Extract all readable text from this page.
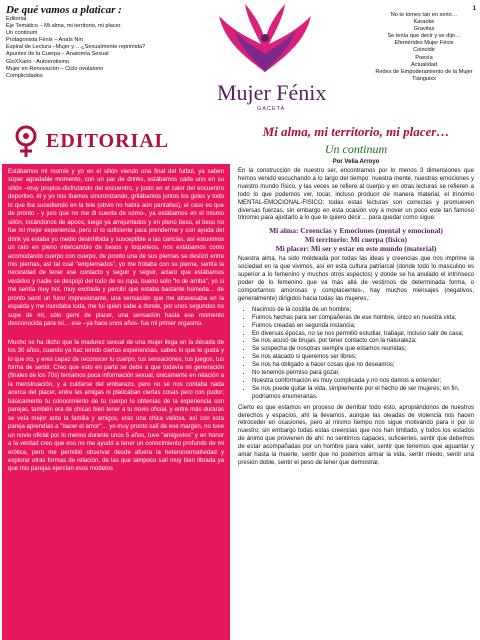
De qué vamos a platicar :
Editorial.
Eje Temático – Mi alma, mi territorio, mi placer.
Un continum
Protagonista Fénix – Anaïs Nin
Espiral de Lectura –Mujer y….¿Sexualmente reprimida?
Apuntes de la Cuerpa – Anatomía Sexual
GloXXario - Autoerotismo
Mujer en Renovación – Ciclo ovulatorio
Complicidades
Mujer Fénix
GACETA
1
No te tomes tan en serio…
Karaoke
Gravitas
Se tenía que decir y se dijo…
Efemérides Mujer Fénix
Coincidir
Poesía
Actualidad
Redes de Empoderamiento de la Mujer
Tianguixx
EDITORIAL

Estábamos mi roomie y yo en el sillón viendo una final del futbol, ya saben súper agradable momento, con un par de drinks, estábamos cada uno en su sillón –muy propios-disfrutando del encuentro, y justo en el calor del encuentro deportivo, él y yo nos íbamos sincronizando, gritábamos juntos los goles y todo lo que iba sucediendo en la tele (obvio no había aún pantallas), el caso es que de pronto - y juro que no me di cuenta de cómo-, ya estábamos en el mismo sillón, tocándonos de apoco, luego ya arrejuntados y en pleno beso, el beso no fue mi mejor experiencia, pero sí lo suficiente para prenderme y con ayuda del drink ya estaba yo medio desinhibida y susceptible a las caricias, así estuvimos un rato en pleno intercambio de besos y toqueteos, nos estábamos como acomodando cuerpo con cuerpo, de pronto una de sus piernas se deslizó entre mis piernas, así tal cual "empiernados", yo me frotaba con su pierna, sentía la necesidad de tener ese contacto y seguir y seguir, aclaro que estábamos vestidos y nadie se despojó del todo de su ropa, bueno solo "lo de arriba", yo si me sentía muy hot, muy excitada y percibí que estaba bastante húmeda… de pronto sentí un furor impresionante, una sensación que me atravesaba en la espalda y me inundaba toda, me fui quien sabe a donde, por unos segundos no supe de mí, sólo gemí de placer, una sensación hasta ese momento desconocida para mi… ese –ya hace unos años- fue mi primer orgasmo.

Mucho se ha dicho que la madurez sexual de una mujer llega en la década de los 30 años, cuando ya haz tenido ciertas experiencias, sabes lo que te gusta y lo que no, y eres capaz de reconocer tu cuerpo, tus sensaciones, tus juegos, tus forma de sentir. Creo que esto en parte se debe a que todavía mi generación (finales de los 70s) teníamos poca información sexual, únicamente en relación a la menstruación, y a cuidarse del embarazo, pero no se nos contaba nada acerca del placer, entre las amigas ni platicaban ciertas cosas pero con pudor; básicamente tu conocimiento de tu cuerpo lo obtenías de la experiencia con parejas, también era de chicas bien tener a tu novio oficial, y entre más duraras se veía mejor ante la familia y amigos, eras una chica valiosa, así con esta pareja aprendías a "hacer el amor"… yo muy pronto salí de ese margen, no tuve un novio oficial por lo menos durante unos 5 años, tuve "amigovios" y en honor a la verdad creo que eso no me ayudó a tener un conocimiento profundo de mi erótica, pero me permitió observar desde afuera la heteronormatividad y explorar otras formas de relación, de las que tampoco salí muy bien librada ya que mis parejas ejercían esos modelos

Mi alma, mi territorio, mi placer…
Un continum
Por Velia Arroyo

En la construcción de nuestro ser, encontramos por lo menos 3 dimensiones que hemos venido escuchando a lo largo del tiempo: nuestra mente, nuestras emociones y nuestro mundo físico, y las veces se refiere al cuerpo y en otras lecturas se refieren a todo lo que podemos ver, tocar, incluso producir de manera material, el trinomio MENTAL-EMOCIONAL-FISICO; todas estas lecturas son correctas y promueven diversas fuerzas, sin embargo en esta ocasión voy a mover un poco este tan famoso trinomio para ajustarlo a lo que te quiero decir… para quedar como sigue:

Mi alma: Creencias y Emociones (mental y emocional)
Mi territorio: Mi cuerpa (físico)
Mi placer: Mi ser y estar en este mundo (material)

Nuestra alma, ha sido moldeada por todas las ideas y creencias que nos imprime la sociedad en la que vivimos, así en esta cultura patriarcal (donde todo lo masculino es superior a lo femenino y muchos otros aspectos) y donde se ha anulado el intrínseco poder de lo femenino que va más allá de vestirnos de determinada forma, o comportarnos amorosas y complacientes-, hay muchos mensajes (negativos, generalmente) dirigidos hacia todas las mujeres,:

• Nacimos de la costilla de un hombre;
• Fuimos hechas para ser compañeras de ese hombre, único en nuestra vida;
• Fuimos creadas en segunda instancia;
• En diversas épocas, no se nos permitió estudiar, trabajar, incluso salir de casa;
• Se nos acusó de brujas, por tener contacto con la naturaleza;
• Se sospecha de nosotras siempre que estamos reunidas;
• Se nos atacado si queremos ser libres;
• Se nos ha obligado a hacer cosas que no deseamos;
• No tenemos permiso para gozar,
• Nuestra conformación es muy complicada y no nos damos a entender;
• Se nos puede quitar la vida, simplemente por el hecho de ser mujeres; en fin, podríamos enumerarlas.

Cierto es que estamos en proceso de derribar todo esto, apropiándonos de nuestros derechos y espacios, ahí la llevamos, aunque las oleadas de violencia nos hacen retroceder en ocasiones, pero al mismo tiempo nos sigue motivando para ir por lo nuestro; sin embargo todas estas creencias que nos han limitado, y todos los estados de ánimo que provienen de ahí: no sentirnos capaces, suficientes, sentir que debemos de estar acompañadas por un hombre para valer, sentir que tenemos que aguantar y amar hasta la muerte, sentir que no podemos armar la vida, sentir miedo, sentir una presión doble, sentir el peso de tener que demostrar,
